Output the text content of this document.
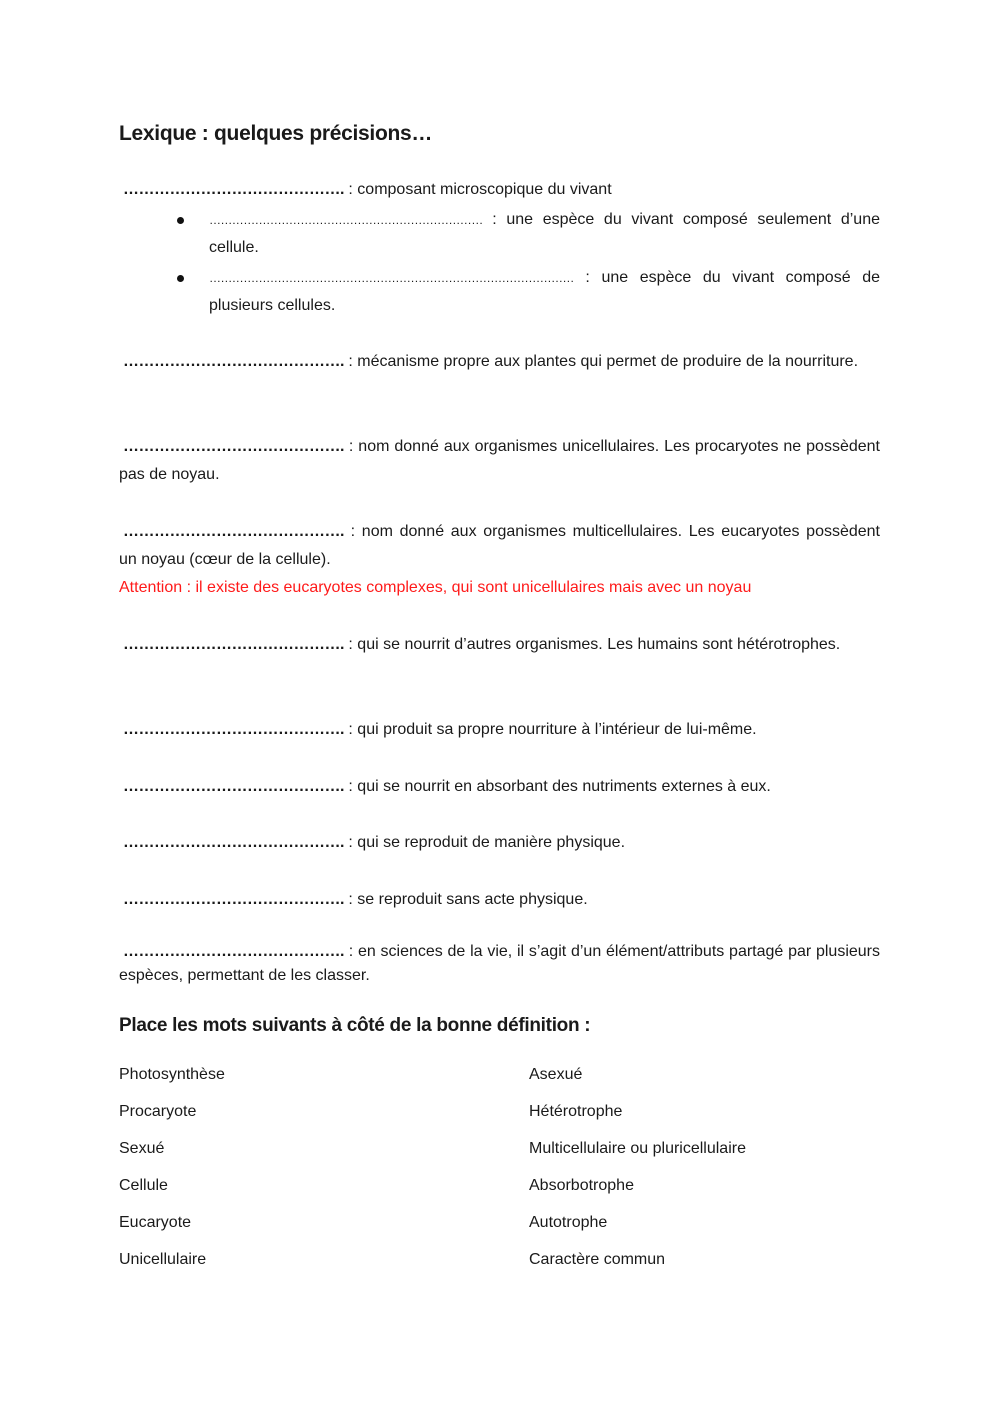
Lexique : quelques précisions…
……………………………………. : composant microscopique du vivant
……………………………………………………………… : une espèce du vivant composé seulement d’une cellule.
…………………………………………………………………………………… : une espèce du vivant composé de plusieurs cellules.
……………………………………. : mécanisme propre aux plantes qui permet de produire de la nourriture.
……………………………………. : nom donné aux organismes unicellulaires. Les procaryotes ne possèdent pas de noyau.
……………………………………. : nom donné aux organismes multicellulaires. Les eucaryotes possèdent un noyau (cœur de la cellule).
Attention : il existe des eucaryotes complexes, qui sont unicellulaires mais avec un noyau
……………………………………. : qui se nourrit d’autres organismes. Les humains sont hétérotrophes.
……………………………………. : qui produit sa propre nourriture à l’intérieur de lui-même.
……………………………………. : qui se nourrit en absorbant des nutriments externes à eux.
……………………………………. : qui se reproduit de manière physique.
……………………………………. : se reproduit sans acte physique.
……………………………………. : en sciences de la vie, il s’agit d’un élément/attributs partagé par plusieurs espèces, permettant de les classer.
Place les mots suivants à côté de la bonne définition :
Photosynthèse
Procaryote
Sexué
Cellule
Eucaryote
Unicellulaire
Asexué
Hétérotrophe
Multicellulaire ou pluricellulaire
Absorbotrophe
Autotrophe
Caractère commun
